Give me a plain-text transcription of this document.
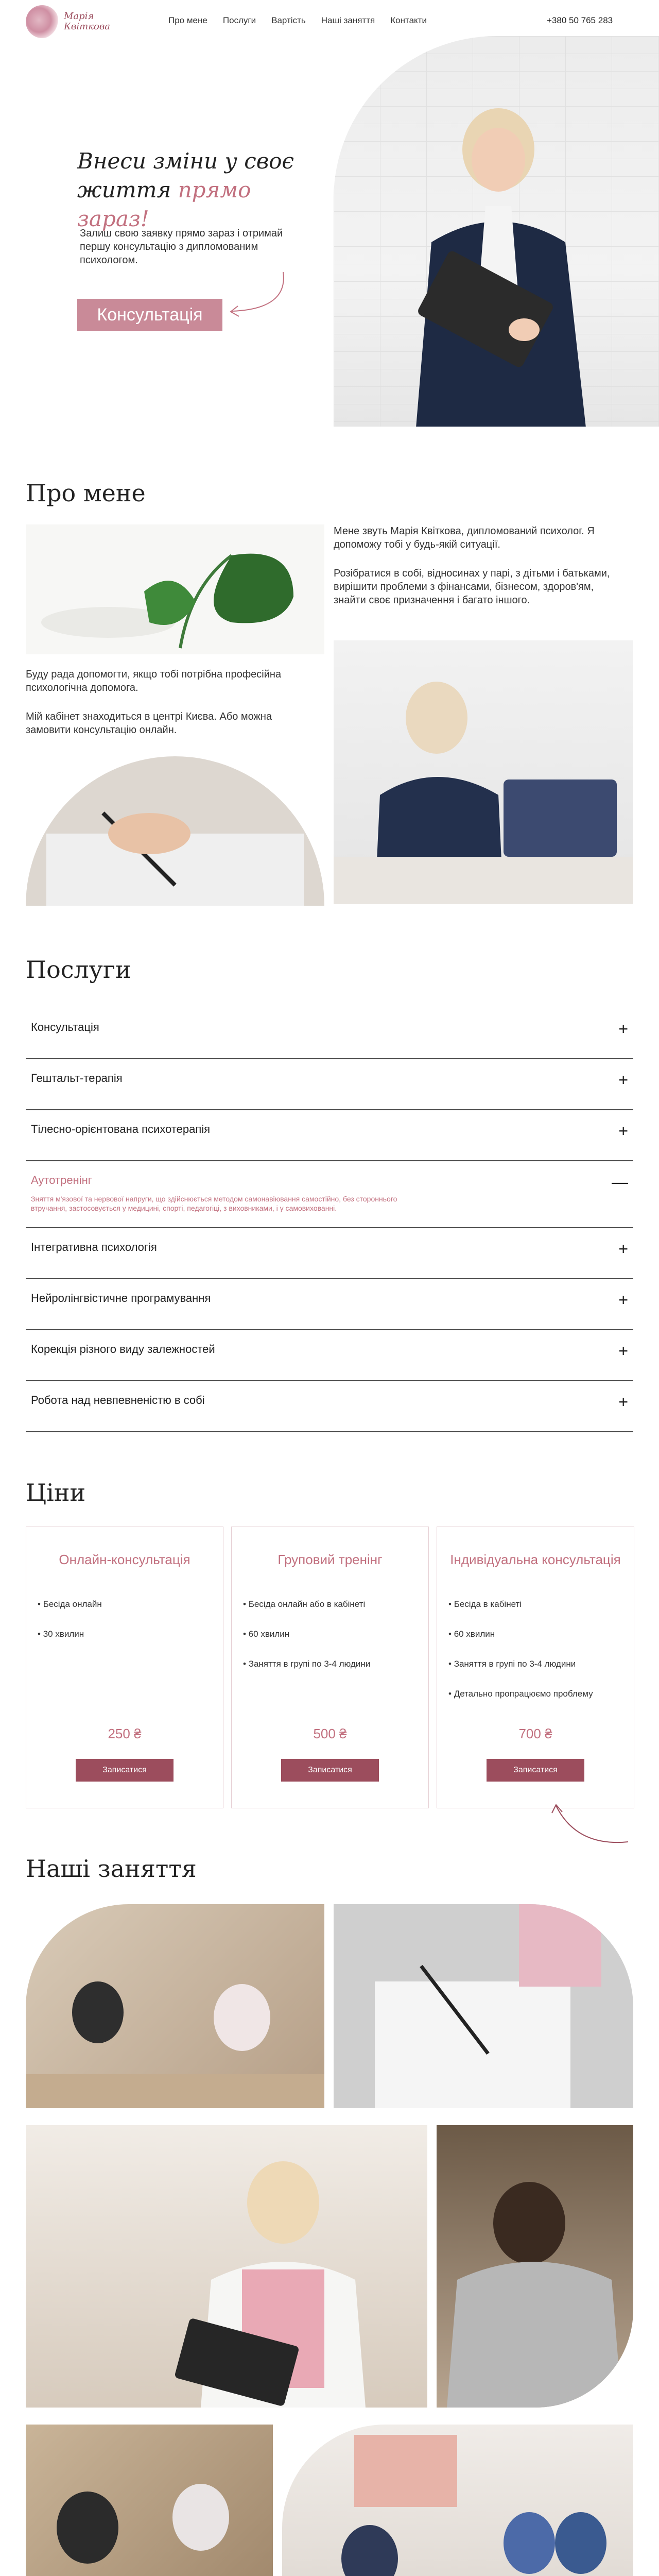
Марія
Квіткова
Про мене Послуги Вартість Наші заняття Контакти	+380 50 765 283
Внеси зміни у своє
життя прямо зараз!
Залиш свою заявку прямо зараз і отримай першу консультацію з дипломованим психологом.
Консультація
Про мене
Мене звуть Марія Квіткова, дипломований психолог. Я допоможу тобі у будь-якій ситуації.
Розібратися в собі, відносинах у парі, з дітьми і батьками, вирішити проблеми з фінансами, бізнесом, здоров'ям, знайти своє призначення і багато іншого.
Буду рада допомогти, якщо тобі потрібна професійна психологічна допомога.
Мій кабінет знаходиться в центрі Києва. Або можна замовити консультацію онлайн.
Послуги
Консультація	+
Гештальт-терапія	+
Тілесно-орієнтована психотерапія	+
Аутотренінг	—
Зняття м'язової та нервової напруги, що здійснюється методом самонавіювання самостійно, без стороннього втручання, застосовується у медицині, спорті, педагогіці, з виховниками, і у самовихованні.
Інтегративна психологія	+
Нейролінгвістичне програмування	+
Корекція різного виду залежностей	+
Робота над невпевненістю в собі	+
Ціни
Онлайн-консультація
• Бесіда онлайн
• 30 хвилин
250 ₴
Записатися
Груповий тренінг
• Бесіда онлайн або в кабінеті
• 60 хвилин
• Заняття в групі по 3-4 людини
500 ₴
Записатися
Індивідуальна консультація
• Бесіда в кабінеті
• 60 хвилин
• Заняття в групі по 3-4 людини
• Детально пропрацюємо проблему
700 ₴
Записатися
Наші заняття
